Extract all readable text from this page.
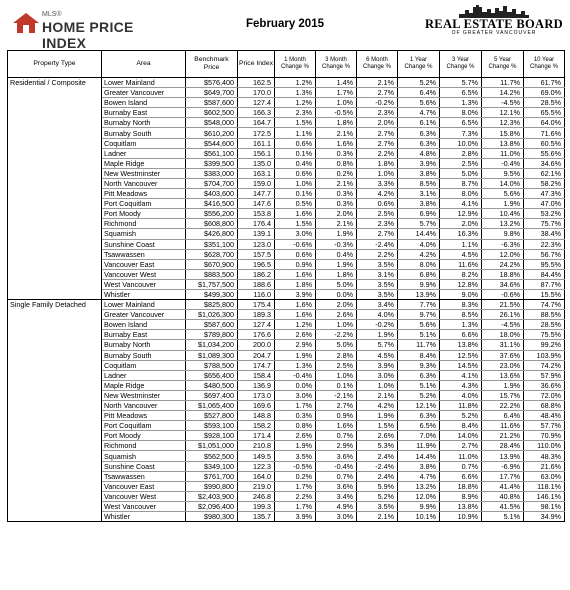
MLS®
HOME PRICE INDEX
February 2015	REAL ESTATE BOARD
OF GREATER VANCOUVER
Property Type	Area	Benchmark Price	Price Index	1 Month Change %	3 Month Change %	6 Month Change %	1 Year Change %	3 Year Change %	5 Year Change %	10 Year Change %
Residential / Composite	Lower Mainland	$576,400	162.5	1.2%	1.4%	2.1%	5.2%	5.7%	11.7%	61.7%
	Greater Vancouver	$649,700	170.0	1.3%	1.7%	2.7%	6.4%	6.5%	14.2%	69.0%
	Bowen Island	$587,600	127.4	1.2%	1.0%	-0.2%	5.6%	1.3%	-4.5%	28.5%
	Burnaby East	$602,500	166.3	2.3%	-0.5%	2.3%	4.7%	8.0%	12.1%	65.5%
	Burnaby North	$548,000	164.7	1.5%	1.8%	2.0%	6.1%	6.5%	12.3%	64.0%
	Burnaby South	$610,200	172.5	1.1%	2.1%	2.7%	6.3%	7.3%	15.8%	71.6%
	Coquitlam	$544,600	161.1	0.6%	1.6%	2.7%	6.3%	10.0%	13.8%	60.5%
	Ladner	$561,100	156.1	0.1%	0.3%	2.2%	4.8%	2.8%	11.0%	55.6%
	Maple Ridge	$399,500	135.0	0.4%	0.8%	1.8%	3.9%	2.5%	-0.4%	34.6%
	New Westminster	$383,000	163.1	0.6%	0.2%	1.0%	3.8%	5.0%	9.5%	62.1%
	North Vancouver	$704,700	159.0	1.0%	2.1%	3.3%	8.5%	8.7%	14.0%	58.2%
	Pitt Meadows	$403,600	147.7	0.1%	0.3%	4.2%	3.1%	8.0%	5.6%	47.3%
	Port Coquitlam	$416,500	147.6	0.5%	0.3%	0.6%	3.8%	4.1%	1.9%	47.0%
	Port Moody	$556,200	153.8	1.6%	2.0%	2.5%	6.9%	12.9%	10.4%	53.2%
	Richmond	$608,800	176.4	1.5%	2.1%	2.3%	5.7%	2.0%	13.2%	75.7%
	Squamish	$426,800	139.1	3.0%	1.9%	2.7%	14.4%	16.3%	9.8%	38.4%
	Sunshine Coast	$351,100	123.0	-0.6%	-0.3%	-2.4%	4.0%	1.1%	-6.3%	22.3%
	Tsawwassen	$628,700	157.5	0.6%	0.4%	2.2%	4.2%	4.5%	12.0%	56.7%
	Vancouver East	$670,900	196.5	0.9%	1.9%	3.5%	8.0%	11.6%	24.2%	95.5%
	Vancouver West	$883,500	186.2	1.6%	1.8%	3.1%	6.8%	8.2%	18.8%	84.4%
	West Vancouver	$1,757,500	188.6	1.8%	5.0%	3.5%	9.9%	12.8%	34.6%	87.7%
	Whistler	$499,300	116.0	3.9%	0.0%	3.5%	13.9%	9.0%	-0.6%	15.5%
Single Family Detached	Lower Mainland	$825,800	175.4	1.6%	2.0%	3.4%	7.7%	8.3%	21.5%	74.7%
	Greater Vancouver	$1,026,300	189.3	1.6%	2.6%	4.0%	9.7%	8.5%	26.1%	88.5%
	Bowen Island	$587,600	127.4	1.2%	1.0%	-0.2%	5.6%	1.3%	-4.5%	28.5%
	Burnaby East	$789,800	176.6	2.6%	-2.2%	1.9%	5.1%	6.6%	18.0%	75.5%
	Burnaby North	$1,034,200	200.0	2.9%	5.0%	5.7%	11.7%	13.8%	31.1%	99.2%
	Burnaby South	$1,089,300	204.7	1.9%	2.8%	4.5%	8.4%	12.5%	37.6%	103.9%
	Coquitlam	$788,500	174.7	1.3%	2.5%	3.9%	9.3%	14.5%	23.0%	74.2%
	Ladner	$656,400	158.4	-0.4%	1.0%	3.0%	6.3%	4.1%	13.6%	57.9%
	Maple Ridge	$480,500	136.9	0.0%	0.1%	1.0%	5.1%	4.3%	1.9%	36.6%
	New Westminster	$697,400	173.0	3.0%	-2.1%	2.1%	5.2%	4.0%	15.7%	72.0%
	North Vancouver	$1,065,400	169.6	1.7%	2.7%	4.2%	12.1%	11.8%	22.2%	68.8%
	Pitt Meadows	$527,800	148.8	0.3%	0.9%	1.9%	6.3%	5.2%	6.4%	48.4%
	Port Coquitlam	$593,100	158.2	0.8%	1.6%	1.5%	6.5%	8.4%	11.6%	57.7%
	Port Moody	$928,100	171.4	2.6%	0.7%	2.6%	7.0%	14.0%	21.2%	70.9%
	Richmond	$1,051,000	210.8	1.9%	2.9%	5.3%	11.9%	2.7%	28.4%	110.0%
	Squamish	$562,500	149.5	3.5%	3.6%	2.4%	14.4%	11.0%	13.9%	48.3%
	Sunshine Coast	$349,100	122.3	-0.5%	-0.4%	-2.4%	3.8%	0.7%	-6.9%	21.6%
	Tsawwassen	$761,700	164.0	0.2%	0.7%	2.4%	4.7%	6.6%	17.7%	63.0%
	Vancouver East	$990,800	219.0	1.7%	3.6%	5.9%	13.2%	18.8%	41.4%	118.1%
	Vancouver West	$2,403,900	246.8	2.2%	3.4%	5.2%	12.0%	8.9%	40.8%	146.1%
	West Vancouver	$2,096,400	199.3	1.7%	4.9%	3.5%	9.9%	13.8%	41.5%	98.1%
	Whistler	$980,300	135.7	3.9%	3.0%	2.1%	10.1%	10.9%	5.1%	34.9%
